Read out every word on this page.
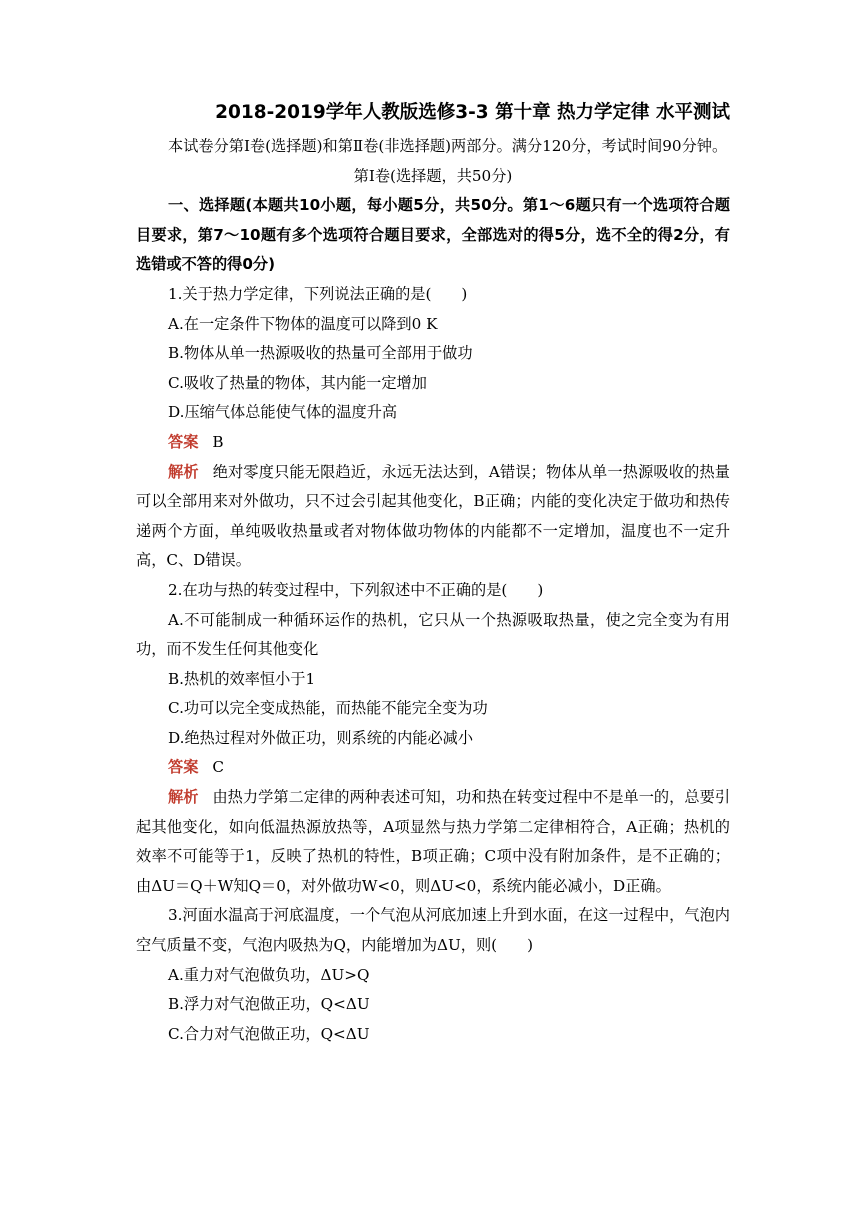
2018-2019学年人教版选修3-3 第十章 热力学定律 水平测试

本试卷分第Ⅰ卷(选择题)和第Ⅱ卷(非选择题)两部分。满分120分，考试时间90分钟。

第Ⅰ卷(选择题，共50分)

一、选择题(本题共10小题，每小题5分，共50分。第1～6题只有一个选项符合题目要求，第7～10题有多个选项符合题目要求，全部选对的得5分，选不全的得2分，有选错或不答的得0分)

1.关于热力学定律，下列说法正确的是( )

A.在一定条件下物体的温度可以降到0 K

B.物体从单一热源吸收的热量可全部用于做功

C.吸收了热量的物体，其内能一定增加

D.压缩气体总能使气体的温度升高

答案 B

解析 绝对零度只能无限趋近，永远无法达到，A错误；物体从单一热源吸收的热量可以全部用来对外做功，只不过会引起其他变化，B正确；内能的变化决定于做功和热传递两个方面，单纯吸收热量或者对物体做功物体的内能都不一定增加，温度也不一定升高，C、D错误。

2.在功与热的转变过程中，下列叙述中不正确的是( )

A.不可能制成一种循环运作的热机，它只从一个热源吸取热量，使之完全变为有用功，而不发生任何其他变化

B.热机的效率恒小于1

C.功可以完全变成热能，而热能不能完全变为功

D.绝热过程对外做正功，则系统的内能必减小

答案 C

解析 由热力学第二定律的两种表述可知，功和热在转变过程中不是单一的，总要引起其他变化，如向低温热源放热等，A项显然与热力学第二定律相符合，A正确；热机的效率不可能等于1，反映了热机的特性，B项正确；C项中没有附加条件，是不正确的；由ΔU＝Q＋W知Q＝0，对外做功W<0，则ΔU<0，系统内能必减小，D正确。

3.河面水温高于河底温度，一个气泡从河底加速上升到水面，在这一过程中，气泡内空气质量不变，气泡内吸热为Q，内能增加为ΔU，则( )

A.重力对气泡做负功，ΔU>Q

B.浮力对气泡做正功，Q<ΔU

C.合力对气泡做正功，Q<ΔU
